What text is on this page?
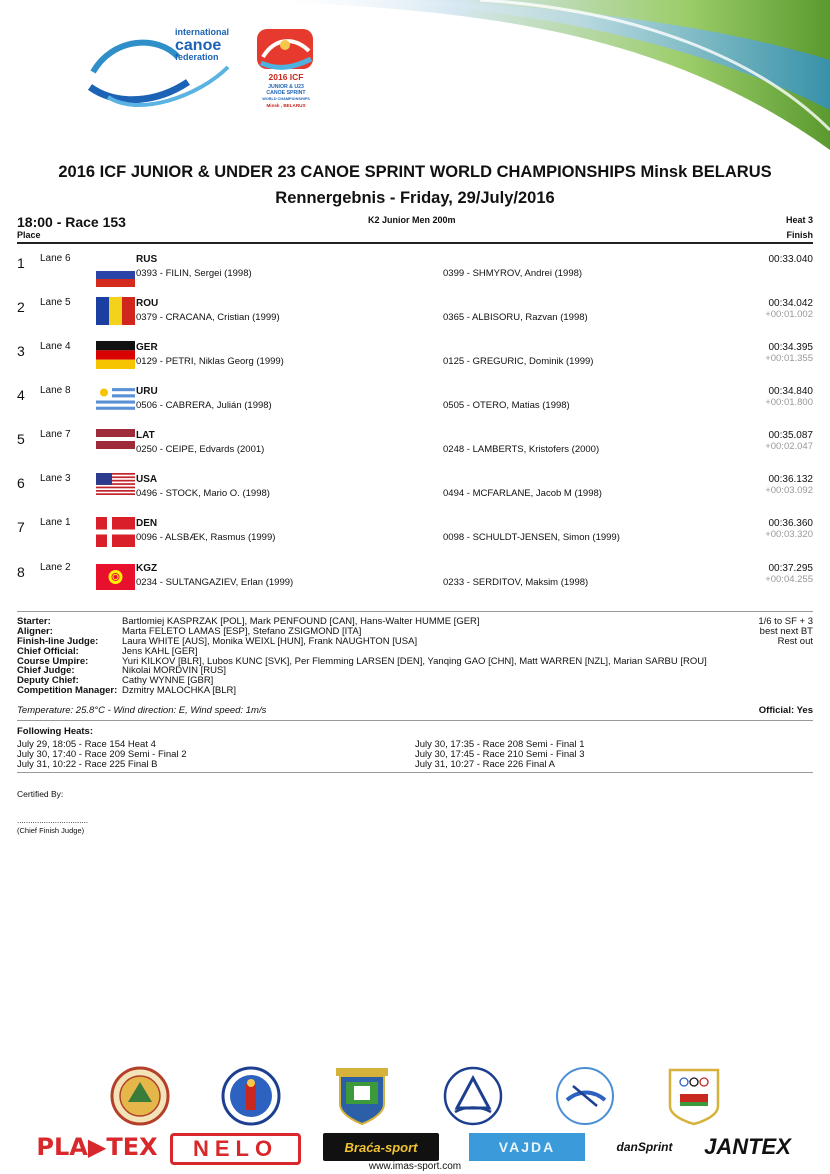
international
canoe
federation
2016 ICF
JUNIOR & U23
CANOE SPRINT
WORLD CHAMPIONSHIPS
Minsk , BELARUS
2016 ICF JUNIOR & UNDER 23 CANOE SPRINT WORLD CHAMPIONSHIPS Minsk BELARUS
Rennergebnis - Friday, 29/July/2016
18:00 - Race 153
Place
K2 Junior Men 200m	Heat 3
Finish
1 Lane 6	RUS
0393 - FILIN, Sergei (1998)	0399 - SHMYROV, Andrei (1998)
00:33.040
2 Lane 5	ROU
0379 - CRACANA, Cristian (1999)	0365 - ALBISORU, Razvan (1998)
00:34.042
+00:01.002
3 Lane 4	GER
0129 - PETRI, Niklas Georg (1999)	0125 - GREGURIC, Dominik (1999)
00:34.395
+00:01.355
4 Lane 8	URU
0506 - CABRERA, Julián (1998)	0505 - OTERO, Matias (1998)
00:34.840
+00:01.800
5 Lane 7	LAT
0250 - CEIPE, Edvards (2001)	0248 - LAMBERTS, Kristofers (2000)
00:35.087
+00:02.047
6 Lane 3	USA
0496 - STOCK, Mario O. (1998)	0494 - MCFARLANE, Jacob M (1998)
00:36.132
+00:03.092
7 Lane 1	DEN
0096 - ALSBÆK, Rasmus (1999)	0098 - SCHULDT-JENSEN, Simon (1999)
00:36.360
+00:03.320
8 Lane 2	KGZ
0234 - SULTANGAZIEV, Erlan (1999)	0233 - SERDITOV, Maksim (1998)
00:37.295
+00:04.255
Starter:	Bartlomiej KASPRZAK [POL], Mark PENFOUND [CAN], Hans-Walter HUMME [GER]
Aligner:	Marta FELETO LAMAS [ESP], Stefano ZSIGMOND [ITA]
Finish-line Judge: Laura WHITE [AUS], Monika WEIXL [HUN], Frank NAUGHTON [USA]
Chief Official:	Jens KAHL [GER]
Course Umpire:	Yuri KILKOV [BLR], Lubos KUNC [SVK], Per Flemming LARSEN [DEN], Yanqing GAO [CHN], Matt WARREN [NZL], Marian SARBU [ROU]
Chief Judge:	Nikolai MORDVIN [RUS]
Deputy Chief:	Cathy WYNNE [GBR]
Competition Manager: Dzmitry MALOCHKA [BLR]
1/6 to SF + 3
best next BT
Rest out
Temperature: 25.8°C - Wind direction: E, Wind speed: 1m/s	Official: Yes
Following Heats:
July 29, 18:05 - Race 154 Heat 4
July 30, 17:40 - Race 209 Semi - Final 2
July 31, 10:22 - Race 225 Final B
July 30, 17:35 - Race 208 Semi - Final 1
July 30, 17:45 - Race 210 Semi - Final 3
July 31, 10:27 - Race 226 Final A
Certified By:
................................
(Chief Finish Judge)
PLA▶TEX	NELO	Braća-sport	VAJDA	danSprint	JANTEX
www.imas-sport.com
